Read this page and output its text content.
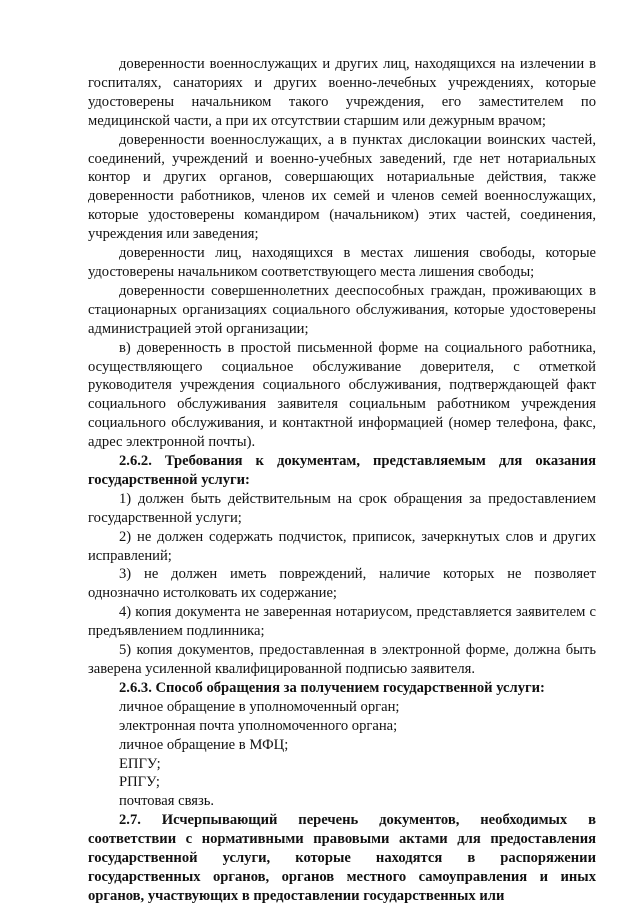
доверенности военнослужащих и других лиц, находящихся на излечении в госпиталях, санаториях и других военно-лечебных учреждениях, которые удостоверены начальником такого учреждения, его заместителем по медицинской части, а при их отсутствии старшим или дежурным врачом;

доверенности военнослужащих, а в пунктах дислокации воинских частей, соединений, учреждений и военно-учебных заведений, где нет нотариальных контор и других органов, совершающих нотариальные действия, также доверенности работников, членов их семей и членов семей военнослужащих, которые удостоверены командиром (начальником) этих частей, соединения, учреждения или заведения;

доверенности лиц, находящихся в местах лишения свободы, которые удостоверены начальником соответствующего места лишения свободы;

доверенности совершеннолетних дееспособных граждан, проживающих в стационарных организациях социального обслуживания, которые удостоверены администрацией этой организации;

в) доверенность в простой письменной форме на социального работника, осуществляющего социальное обслуживание доверителя, с отметкой руководителя учреждения социального обслуживания, подтверждающей факт социального обслуживания заявителя социальным работником учреждения социального обслуживания, и контактной информацией (номер телефона, факс, адрес электронной почты).

2.6.2. Требования к документам, представляемым для оказания государственной услуги:

1) должен быть действительным на срок обращения за предоставлением государственной услуги;

2) не должен содержать подчисток, приписок, зачеркнутых слов и других исправлений;

3) не должен иметь повреждений, наличие которых не позволяет однозначно истолковать их содержание;

4) копия документа не заверенная нотариусом, представляется заявителем с предъявлением подлинника;

5) копия документов, предоставленная в электронной форме, должна быть заверена усиленной квалифицированной подписью заявителя.

2.6.3. Способ обращения за получением государственной услуги:

личное обращение в уполномоченный орган;

электронная почта уполномоченного органа;

личное обращение в МФЦ;

ЕПГУ;

РПГУ;

почтовая связь.

2.7. Исчерпывающий перечень документов, необходимых в соответствии с нормативными правовыми актами для предоставления государственной услуги, которые находятся в распоряжении государственных органов, органов местного самоуправления и иных органов, участвующих в предоставлении государственных или
